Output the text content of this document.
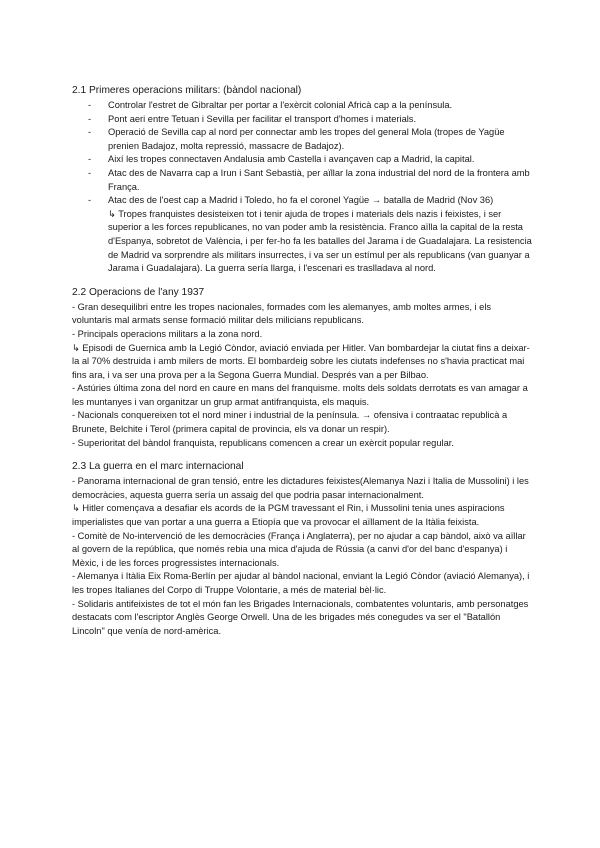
2.1 Primeres operacions militars: (bàndol nacional)
- Controlar l'estret de Gibraltar per portar a l'exèrcit colonial Africà cap a la península.
- Pont aeri entre Tetuan i Sevilla per facilitar el transport d'homes i materials.
- Operació de Sevilla cap al nord per connectar amb les tropes del general Mola (tropes de Yagüe prenien Badajoz, molta repressió, massacre de Badajoz).
- Així les tropes connectaven Andalusia amb Castella i avançaven cap a Madrid, la capital.
- Atac des de Navarra cap a Irun i Sant Sebastià, per aïllar la zona industrial del nord de la frontera amb França.
- Atac des de l'oest cap a Madrid i Toledo, ho fa el coronel Yagüe → batalla de Madrid (Nov 36)
↳ Tropes franquistes desisteixen tot i tenir ajuda de tropes i materials dels nazis i feixistes, i ser superior a les forces republicanes, no van poder amb la resistència. Franco aïlla la capital de la resta d'Espanya, sobretot de València, i per fer-ho fa les batalles del Jarama i de Guadalajara. La resistencia de Madrid va sorprendre als militars insurrectes, i va ser un estímul per als republicans (van guanyar a Jarama i Guadalajara). La guerra sería llarga, i l'escenari es traslladava al nord.
2.2 Operacions de l'any 1937
- Gran desequilibri entre les tropes nacionales, formades com les alemanyes, amb moltes armes, i els voluntaris mal armats sense formació militar dels milicians republicans.
- Principals operacions militars a la zona nord.
↳ Episodi de Guernica amb la Legió Còndor, aviació enviada per Hitler. Van bombardejar la ciutat fins a deixar-la al 70% destruida i amb milers de morts. El bombardeig sobre les ciutats indefenses no s'havia practicat mai fins ara, i va ser una prova per a la Segona Guerra Mundial. Després van a per Bilbao.
- Astúries última zona del nord en caure en mans del franquisme. molts dels soldats derrotats es van amagar a les muntanyes i van organitzar un grup armat antifranquista, els maquis.
- Nacionals conquereixen tot el nord miner i industrial de la península. → ofensiva i contraatac republicà a Brunete, Belchite i Terol (primera capital de provincia, els va donar un respir).
- Superioritat del bàndol franquista, republicans comencen a crear un exèrcit popular regular.
2.3 La guerra en el marc internacional
- Panorama internacional de gran tensió, entre les dictadures feixistes(Alemanya Nazi i Italia de Mussolini) i les democràcies, aquesta guerra sería un assaig del que podria pasar internacionalment.
↳ Hitler començava a desafiar els acords de la PGM travessant el Rin, i Mussolini tenia unes aspiracions imperialistes que van portar a una guerra a Etiopía que va provocar el aïllament de la Itàlia feixista.
- Comitè de No-intervenció de les democràcies (França i Anglaterra), per no ajudar a cap bàndol, això va aïllar al govern de la república, que només rebia una mica d'ajuda de Rússia (a canvi d'or del banc d'espanya) i Mèxic, i de les forces progressistes internacionals.
- Alemanya i Itàlia Eix Roma-Berlín per ajudar al bàndol nacional, enviant la Legió Còndor (aviació Alemanya), i les tropes Italianes del Corpo di Truppe Volontarie, a més de material bèl·lic.
- Solidaris antifeixistes de tot el món fan les Brigades Internacionals, combatentes voluntaris, amb personatges destacats com l'escriptor Anglès George Orwell. Una de les brigades més conegudes va ser el "Batallón Lincoln" que venía de nord-amèrica.
